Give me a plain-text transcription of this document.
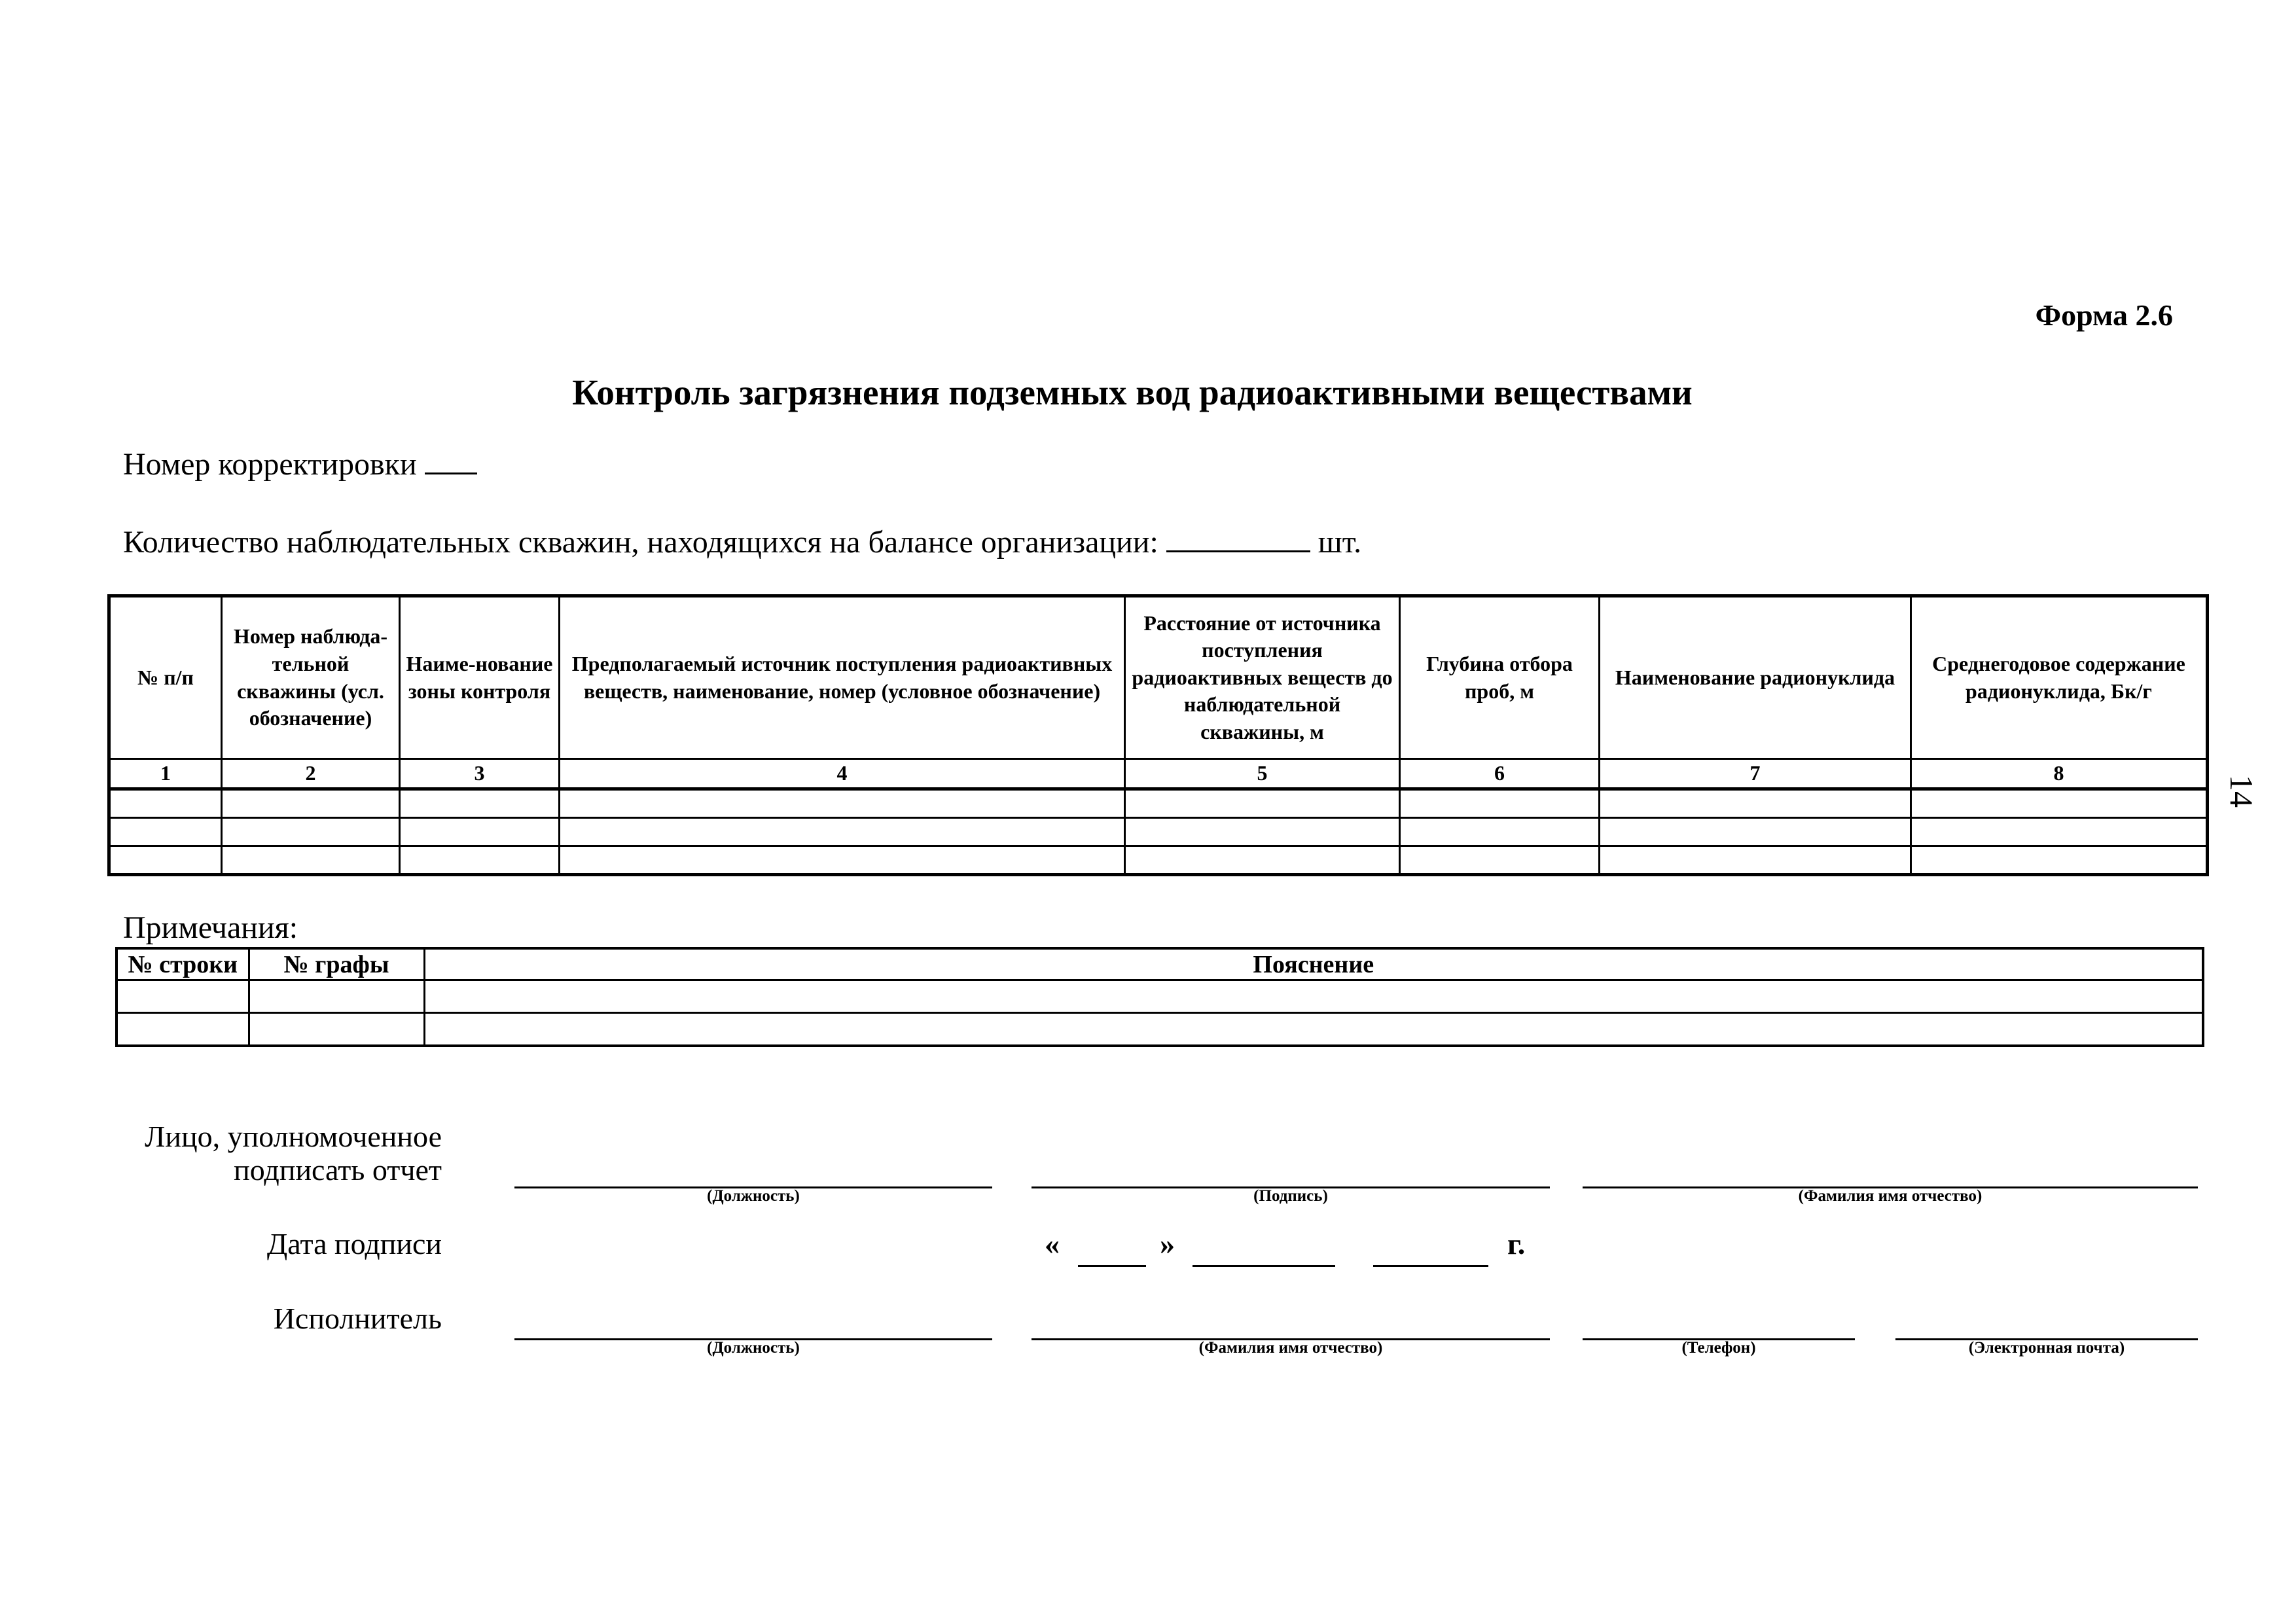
Форма 2.6
Контроль загрязнения подземных вод радиоактивными веществами
Номер корректировки
Количество наблюдательных скважин, находящихся на балансе организации:	шт.
№ п/п	Номер наблюда-тельной скважины (усл. обозначение)	Наиме-нование зоны контроля	Предполагаемый источник поступления радиоактивных веществ, наименование, номер (условное обозначение)	Расстояние от источника поступления радиоактивных веществ до наблюдательной скважины, м	Глубина отбора проб, м	Наименование радионуклида	Среднегодовое содержание радионуклида, Бк/г
1	2	3	4	5	6	7	8

14
Примечания:
№ строки	№ графы	Пояснение

Лицо, уполномоченное
подписать отчет
(Должность)	(Подпись)	(Фамилия имя отчество)
Дата подписи	«	»	г.
Исполнитель
(Должность)	(Фамилия имя отчество)	(Телефон)	(Электронная почта)
